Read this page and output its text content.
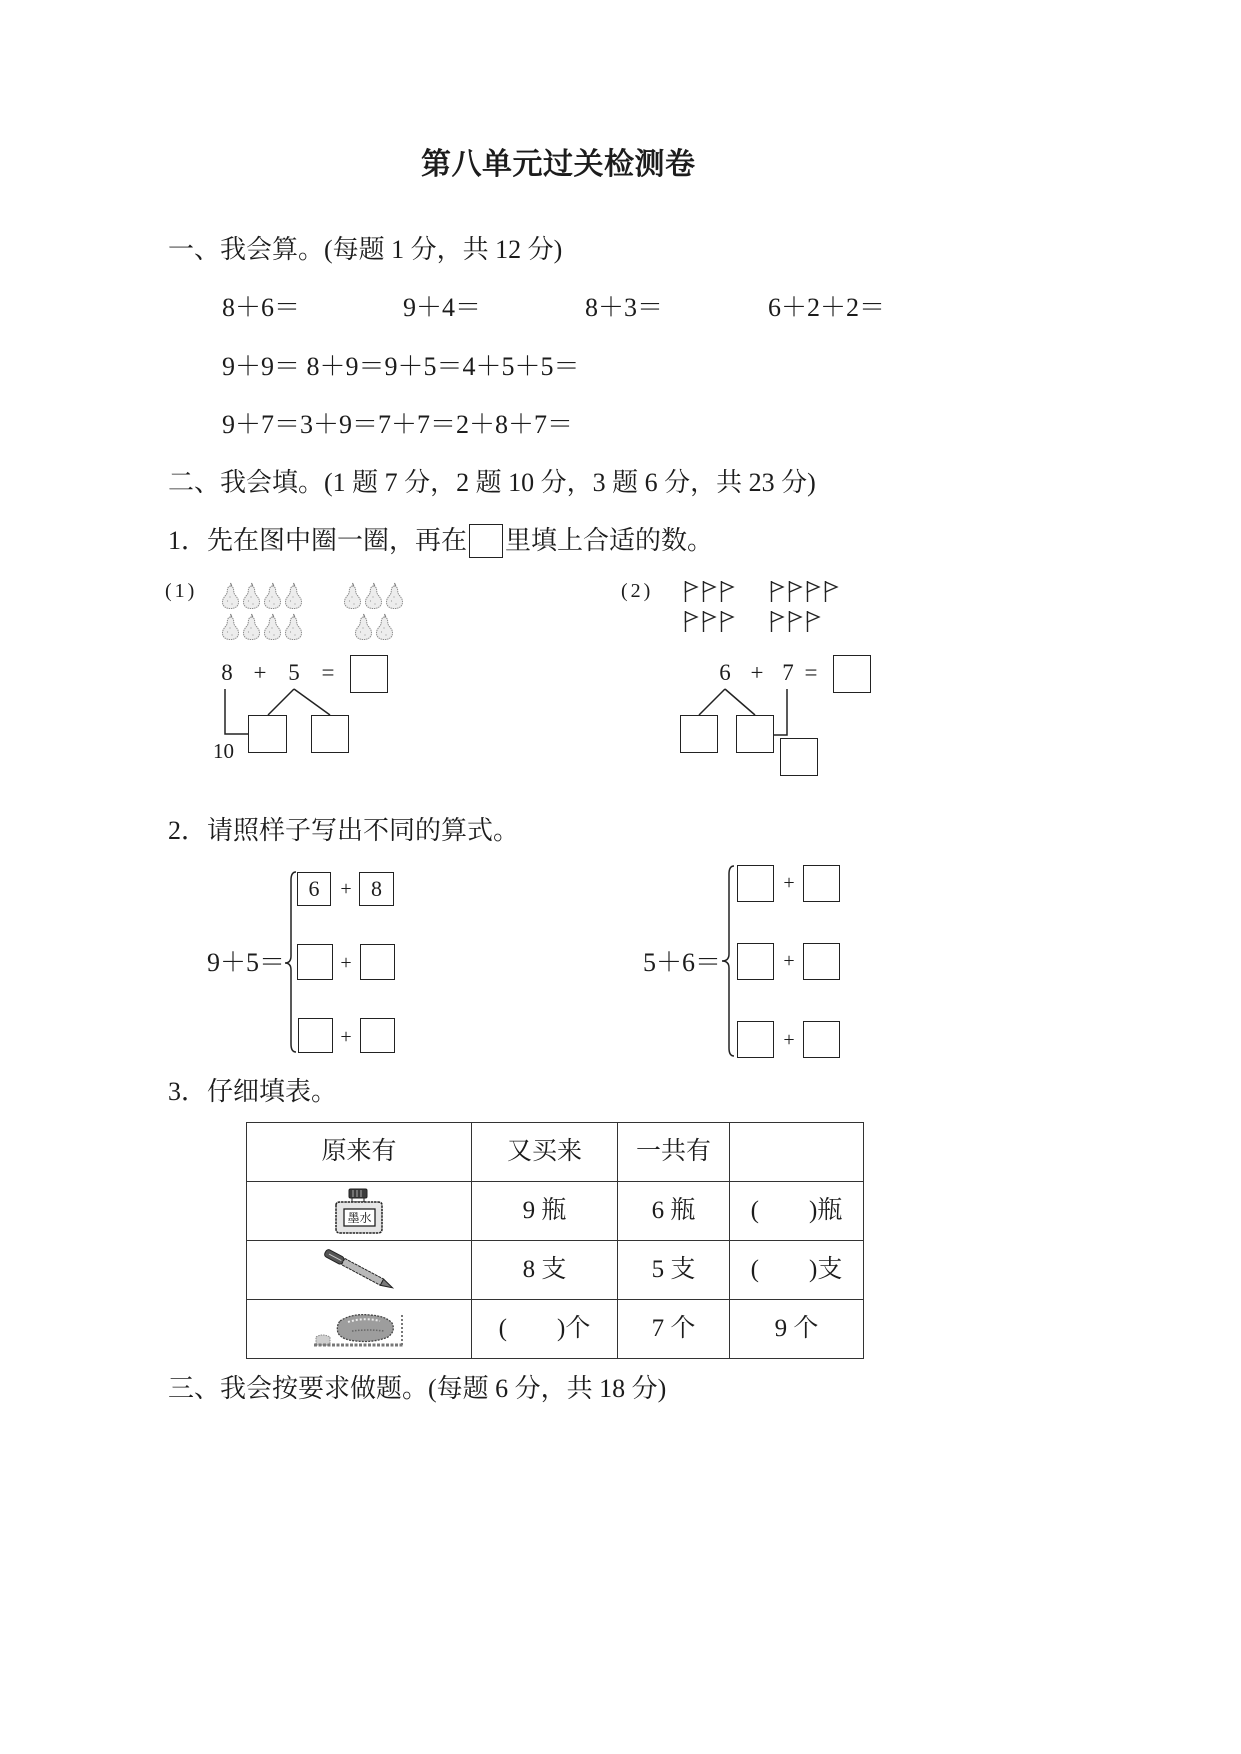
第八单元过关检测卷
一、我会算。(每题 1 分，共 12 分)
8＋6＝	9＋4＝	8＋3＝	6＋2＋2＝
9＋9＝ 8＋9＝9＋5＝4＋5＋5＝
9＋7＝3＋9＝7＋7＝2＋8＋7＝
二、我会填。(1 题 7 分，2 题 10 分，3 题 6 分，共 23 分)
1．先在图中圈一圈，再在 里填上合适的数。
(1)
8 + 5 =
10
(2)
6 + 7 =
2．请照样子写出不同的算式。
9＋5＝
6	+ 8
+
+
5＋6＝
+
+
+
3．仔细填表。
原来有	又买来	一共有	

墨水	9 瓶	6 瓶	(　　)瓶

	8 支	5 支	(　　)支

	(　　)个	7 个	9 个
三、我会按要求做题。(每题 6 分，共 18 分)
